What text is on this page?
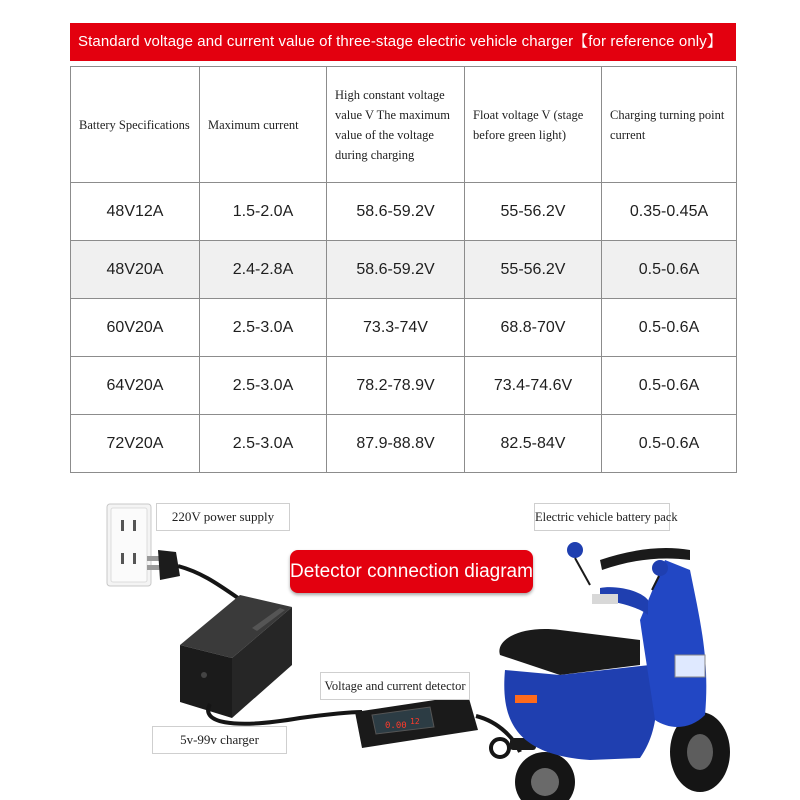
Standard voltage and current value of three-stage electric vehicle charger【for reference only】
Battery Specifications	Maximum current	High constant voltage value V The maximum value of the voltage during charging	Float voltage V (stage before green light)	Charging turning point current
48V12A	1.5-2.0A	58.6-59.2V	55-56.2V	0.35-0.45A
48V20A	2.4-2.8A	58.6-59.2V	55-56.2V	0.5-0.6A
60V20A	2.5-3.0A	73.3-74V	68.8-70V	0.5-0.6A
64V20A	2.5-3.0A	78.2-78.9V	73.4-74.6V	0.5-0.6A
72V20A	2.5-3.0A	87.9-88.8V	82.5-84V	0.5-0.6A
0.00 12
220V power supply	Electric vehicle battery pack
Detector connection diagram
Voltage and current detector
5v-99v charger
